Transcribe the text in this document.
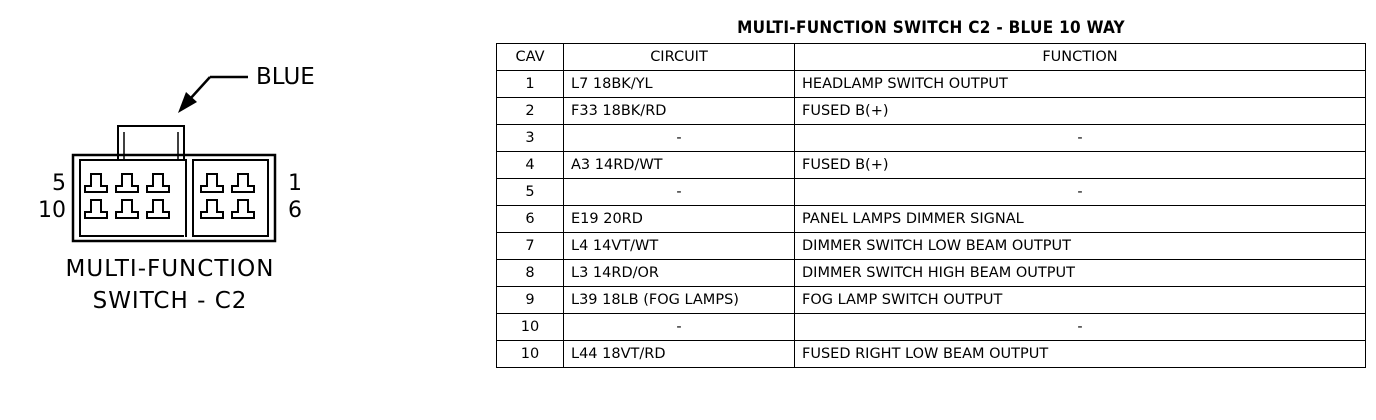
BLUE
5
10
1
6
MULTI-FUNCTION
SWITCH - C2
MULTI-FUNCTION SWITCH C2 - BLUE 10 WAY
CAV	CIRCUIT	FUNCTION
1	L7 18BK/YL	HEADLAMP SWITCH OUTPUT
2	F33 18BK/RD	FUSED B(+)
3	-	-
4	A3 14RD/WT	FUSED B(+)
5	-	-
6	E19 20RD	PANEL LAMPS DIMMER SIGNAL
7	L4 14VT/WT	DIMMER SWITCH LOW BEAM OUTPUT
8	L3 14RD/OR	DIMMER SWITCH HIGH BEAM OUTPUT
9	L39 18LB (FOG LAMPS)	FOG LAMP SWITCH OUTPUT
10	-	-
10	L44 18VT/RD	FUSED RIGHT LOW BEAM OUTPUT
